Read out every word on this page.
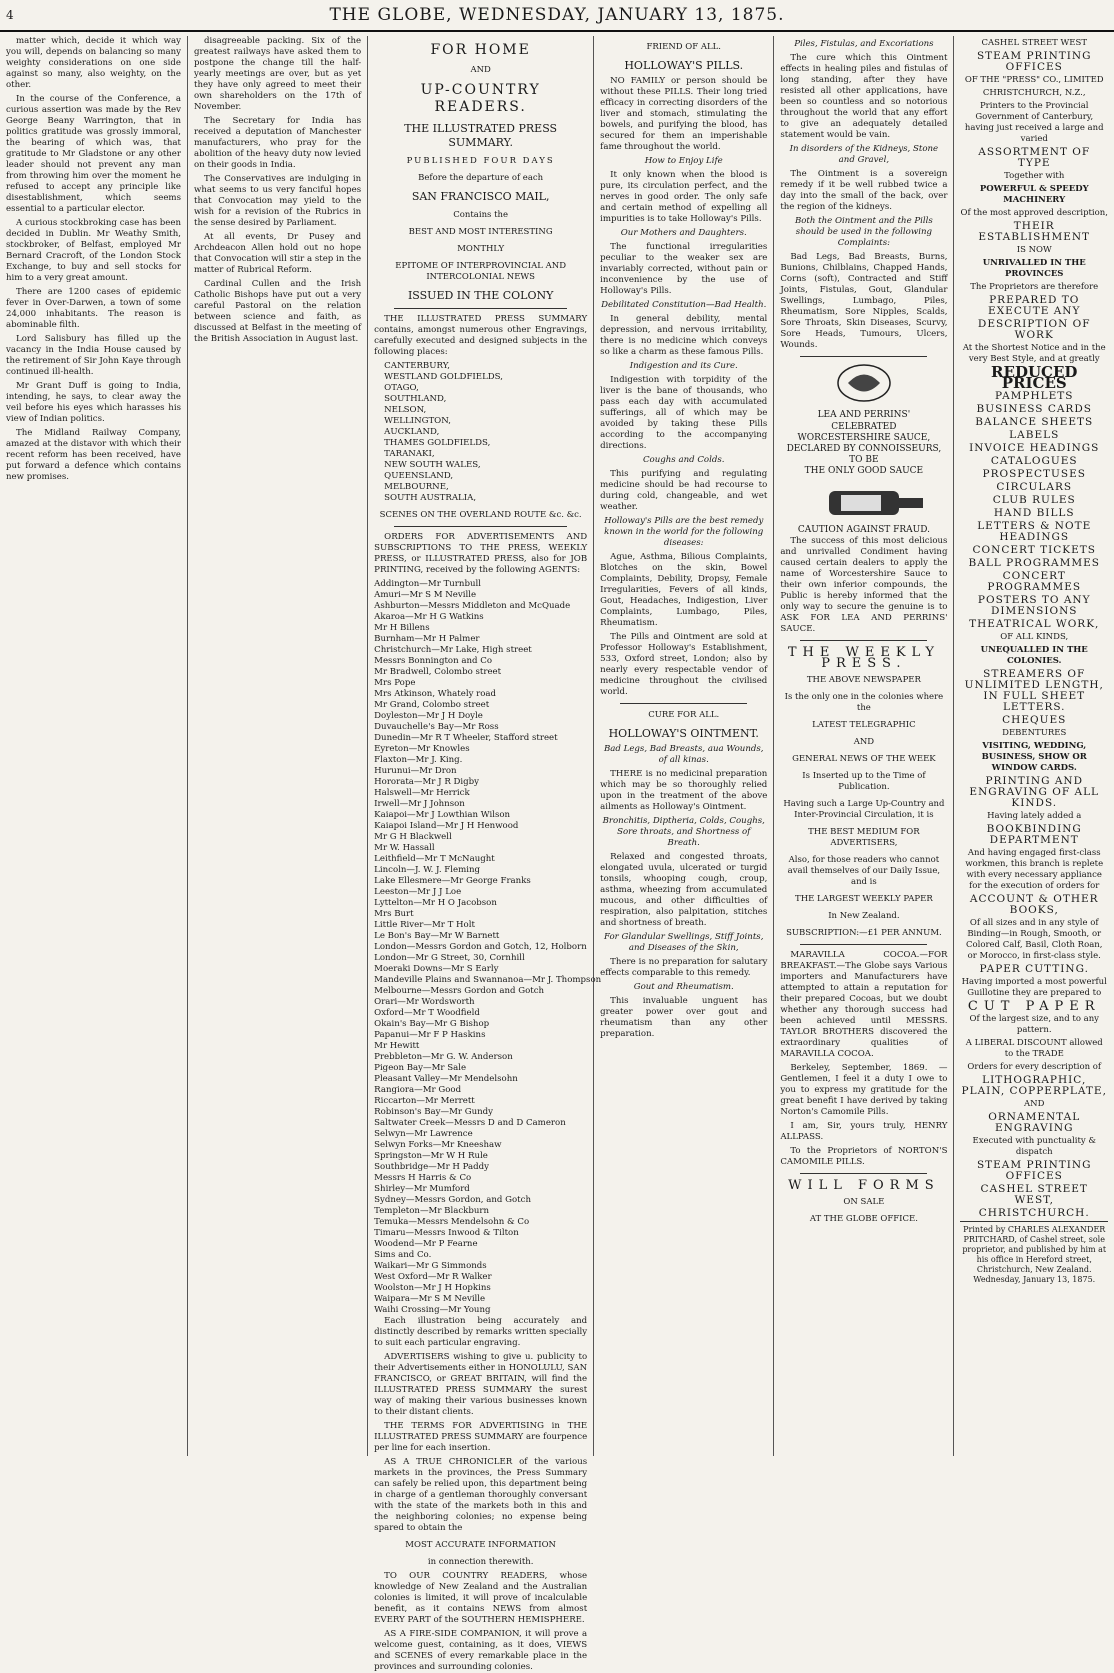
4	THE GLOBE, WEDNESDAY, JANUARY 13, 1875.

matter which, decide it which way you will, depends on balancing so many weighty considerations on one side against so many, also weighty, on the other.

In the course of the Conference, a curious assertion was made by the Rev George Beany Warrington, that in politics gratitude was grossly immoral, the bearing of which was, that gratitude to Mr Gladstone or any other leader should not prevent any man from throwing him over the moment he refused to accept any principle like disestablishment, which seems essential to a particular elector.

A curious stockbroking case has been decided in Dublin. Mr Weathy Smith, stockbroker, of Belfast, employed Mr Bernard Cracroft, of the London Stock Exchange, to buy and sell stocks for him to a very great amount.

There are 1200 cases of epidemic fever in Over-Darwen, a town of some 24,000 inhabitants. The reason is abominable filth.

Lord Salisbury has filled up the vacancy in the India House caused by the retirement of Sir John Kaye through continued ill-health.

Mr Grant Duff is going to India, intending, he says, to clear away the veil before his eyes which harasses his view of Indian politics.

The Midland Railway Company, amazed at the distavor with which their recent reform has been received, have put forward a defence which contains new promises.

disagreeable packing. Six of the greatest railways have asked them to postpone the change till the half-yearly meetings are over, but as yet they have only agreed to meet their own shareholders on the 17th of November.

The Secretary for India has received a deputation of Manchester manufacturers, who pray for the abolition of the heavy duty now levied on their goods in India.

The Conservatives are indulging in what seems to us very fanciful hopes that Convocation may yield to the wish for a revision of the Rubrics in the sense desired by Parliament.

At all events, Dr Pusey and Archdeacon Allen hold out no hope that Convocation will stir a step in the matter of Rubrical Reform.

Cardinal Cullen and the Irish Catholic Bishops have put out a very careful Pastoral on the relation between science and faith, as discussed at Belfast in the meeting of the British Association in August last.

FOR HOME
AND
UP-COUNTRY READERS.
THE ILLUSTRATED PRESS SUMMARY.
PUBLISHED FOUR DAYS
Before the departure of each
SAN FRANCISCO MAIL,
Contains the
BEST AND MOST INTERESTING
MONTHLY
EPITOME OF INTERPROVINCIAL AND INTERCOLONIAL NEWS
ISSUED IN THE COLONY

THE ILLUSTRATED PRESS SUMMARY contains, amongst numerous other Engravings, carefully executed and designed subjects in the following places:

CANTERBURY,
WESTLAND GOLDFIELDS,
OTAGO,
SOUTHLAND,
NELSON,
WELLINGTON,
AUCKLAND,
THAMES GOLDFIELDS,
TARANAKI,
NEW SOUTH WALES,
QUEENSLAND,
MELBOURNE,
SOUTH AUSTRALIA,
SCENES ON THE OVERLAND ROUTE &c. &c.

ORDERS FOR ADVERTISEMENTS AND SUBSCRIPTIONS TO THE PRESS, WEEKLY PRESS, or ILLUSTRATED PRESS, also for JOB PRINTING, received by the following AGENTS:

Addington—Mr Turnbull
Amuri—Mr S M Neville
Ashburton—Messrs Middleton and McQuade
Akaroa—Mr H G Watkins
Mr H Billens
Burnham—Mr H Palmer
Christchurch—Mr Lake, High street
Messrs Bonnington and Co
Mr Bradwell, Colombo street
Mrs Pope
Mrs Atkinson, Whately road
Mr Grand, Colombo street
Doyleston—Mr J H Doyle
Duvauchelle's Bay—Mr Ross
Dunedin—Mr R T Wheeler, Stafford street
Eyreton—Mr Knowles
Flaxton—Mr J. King.
Hurunui—Mr Dron
Hororata—Mr J R Digby
Halswell—Mr Herrick
Irwell—Mr J Johnson
Kaiapoi—Mr J Lowthian Wilson
Kaiapoi Island—Mr J H Henwood
Mr G H Blackwell
Mr W. Hassall
Leithfield—Mr T McNaught
Lincoln—J. W. J. Fleming
Lake Ellesmere—Mr George Franks
Leeston—Mr J J Loe
Lyttelton—Mr H O Jacobson
Mrs Burt
Little River—Mr T Holt
Le Bon's Bay—Mr W Barnett
London—Messrs Gordon and Gotch, 12, Holborn
London—Mr G Street, 30, Cornhill
Moeraki Downs—Mr S Early
Mandeville Plains and Swannanoa—Mr J. Thompson
Melbourne—Messrs Gordon and Gotch
Orari—Mr Wordsworth
Oxford—Mr T Woodfield
Okain's Bay—Mr G Bishop
Papanui—Mr F P Haskins
Mr Hewitt
Prebbleton—Mr G. W. Anderson
Pigeon Bay—Mr Sale
Pleasant Valley—Mr Mendelsohn
Rangiora—Mr Good
Riccarton—Mr Merrett
Robinson's Bay—Mr Gundy
Saltwater Creek—Messrs D and D Cameron
Selwyn—Mr Lawrence
Selwyn Forks—Mr Kneeshaw
Springston—Mr W H Rule
Southbridge—Mr H Paddy
Messrs H Harris & Co
Shirley—Mr Mumford
Sydney—Messrs Gordon, and Gotch
Templeton—Mr Blackburn
Temuka—Messrs Mendelsohn & Co
Timaru—Messrs Inwood & Tilton
Woodend—Mr P Fearne
Sims and Co.
Waikari—Mr G Simmonds
West Oxford—Mr R Walker
Woolston—Mr J H Hopkins
Waipara—Mr S M Neville
Waihi Crossing—Mr Young

Each illustration being accurately and distinctly described by remarks written specially to suit each particular engraving.

ADVERTISERS wishing to give u. publicity to their Advertisements either in HONOLULU, SAN FRANCISCO, or GREAT BRITAIN, will find the ILLUSTRATED PRESS SUMMARY the surest way of making their various businesses known to their distant clients.

THE TERMS FOR ADVERTISING in THE ILLUSTRATED PRESS SUMMARY are fourpence per line for each insertion.

AS A TRUE CHRONICLER of the various markets in the provinces, the Press Summary can safely be relied upon, this department being in charge of a gentleman thoroughly conversant with the state of the markets both in this and the neighboring colonies; no expense being spared to obtain the

MOST ACCURATE INFORMATION
in connection therewith.

TO OUR COUNTRY READERS, whose knowledge of New Zealand and the Australian colonies is limited, it will prove of incalculable benefit, as it contains NEWS from almost EVERY PART of the SOUTHERN HEMISPHERE.

AS A FIRE-SIDE COMPANION, it will prove a welcome guest, containing, as it does, VIEWS and SCENES of every remarkable place in the provinces and surrounding colonies.

FRIEND OF ALL.
HOLLOWAY'S PILLS.

NO FAMILY or person should be without these PILLS. Their long tried efficacy in correcting disorders of the liver and stomach, stimulating the bowels, and purifying the blood, has secured for them an imperishable fame throughout the world.

How to Enjoy Life

It only known when the blood is pure, its circulation perfect, and the nerves in good order. The only safe and certain method of expelling all impurities is to take Holloway's Pills.

Our Mothers and Daughters.

The functional irregularities peculiar to the weaker sex are invariably corrected, without pain or inconvenience by the use of Holloway's Pills.

Debilitated Constitution—Bad Health.

In general debility, mental depression, and nervous irritability, there is no medicine which conveys so like a charm as these famous Pills.

Indigestion and its Cure.

Indigestion with torpidity of the liver is the bane of thousands, who pass each day with accumulated sufferings, all of which may be avoided by taking these Pills according to the accompanying directions.

Coughs and Colds.

This purifying and regulating medicine should be had recourse to during cold, changeable, and wet weather.

Holloway's Pills are the best remedy known in the world for the following diseases:

Ague, Asthma, Bilious Complaints, Blotches on the skin, Bowel Complaints, Debility, Dropsy, Female Irregularities, Fevers of all kinds, Gout, Headaches, Indigestion, Liver Complaints, Lumbago, Piles, Rheumatism.

The Pills and Ointment are sold at Professor Holloway's Establishment, 533, Oxford street, London; also by nearly every respectable vendor of medicine throughout the civilised world.

CURE FOR ALL.
HOLLOWAY'S OINTMENT.
Bad Legs, Bad Breasts, aua Wounds, of all kinas.

THERE is no medicinal preparation which may be so thoroughly relied upon in the treatment of the above ailments as Holloway's Ointment.

Bronchitis, Diptheria, Colds, Coughs, Sore throats, and Shortness of Breath.

Relaxed and congested throats, elongated uvula, ulcerated or turgid tonsils, whooping cough, croup, asthma, wheezing from accumulated mucous, and other difficulties of respiration, also palpitation, stitches and shortness of breath.

For Glandular Swellings, Stiff Joints, and Diseases of the Skin,

There is no preparation for salutary effects comparable to this remedy.

Gout and Rheumatism.

This invaluable unguent has greater power over gout and rheumatism than any other preparation.

Piles, Fistulas, and Excoriations

The cure which this Ointment effects in healing piles and fistulas of long standing, after they have resisted all other applications, have been so countless and so notorious throughout the world that any effort to give an adequately detailed statement would be vain.

In disorders of the Kidneys, Stone and Gravel,

The Ointment is a sovereign remedy if it be well rubbed twice a day into the small of the back, over the region of the kidneys.

Both the Ointment and the Pills should be used in the following Complaints:

Bad Legs, Bad Breasts, Burns, Bunions, Chilblains, Chapped Hands, Corns (soft), Contracted and Stiff Joints, Fistulas, Gout, Glandular Swellings, Lumbago, Piles, Rheumatism, Sore Nipples, Scalds, Sore Throats, Skin Diseases, Scurvy, Sore Heads, Tumours, Ulcers, Wounds.

LEA AND PERRINS'
CELEBRATED
WORCESTERSHIRE SAUCE,
DECLARED BY CONNOISSEURS,
TO BE
THE ONLY GOOD SAUCE
CAUTION AGAINST FRAUD.

The success of this most delicious and unrivalled Condiment having caused certain dealers to apply the name of Worcestershire Sauce to their own inferior compounds, the Public is hereby informed that the only way to secure the genuine is to ASK FOR LEA AND PERRINS' SAUCE.

THE WEEKLY PRESS.
THE ABOVE NEWSPAPER
Is the only one in the colonies where the
LATEST TELEGRAPHIC
AND
GENERAL NEWS OF THE WEEK
Is Inserted up to the Time of Publication.
Having such a Large Up-Country and Inter-Provincial Circulation, it is
THE BEST MEDIUM FOR ADVERTISERS,
Also, for those readers who cannot avail themselves of our Daily Issue, and is
THE LARGEST WEEKLY PAPER
In New Zealand.
SUBSCRIPTION:—£1 PER ANNUM.

MARAVILLA COCOA.—FOR BREAKFAST.—The Globe says Various importers and Manufacturers have attempted to attain a reputation for their prepared Cocoas, but we doubt whether any thorough success had been achieved until MESSRS. TAYLOR BROTHERS discovered the extraordinary qualities of MARAVILLA COCOA.

Berkeley, September, 1869. — Gentlemen, I feel it a duty I owe to you to express my gratitude for the great benefit I have derived by taking Norton's Camomile Pills.

I am, Sir, yours truly, HENRY ALLPASS.

To the Proprietors of NORTON'S CAMOMILE PILLS.

WILL FORMS
ON SALE
AT THE GLOBE OFFICE.
CASHEL STREET WEST
STEAM PRINTING OFFICES
OF THE "PRESS" CO., LIMITED
CHRISTCHURCH, N.Z.,
Printers to the Provincial Government of Canterbury, having just received a large and varied
ASSORTMENT OF TYPE
Together with
POWERFUL & SPEEDY MACHINERY
Of the most approved description,
THEIR ESTABLISHMENT
IS NOW
UNRIVALLED IN THE PROVINCES
The Proprietors are therefore
PREPARED TO EXECUTE ANY
DESCRIPTION OF WORK
At the Shortest Notice and in the very Best Style, and at greatly
REDUCED PRICES
PAMPHLETS
BUSINESS CARDS
BALANCE SHEETS
LABELS
INVOICE HEADINGS
CATALOGUES
PROSPECTUSES
CIRCULARS
CLUB RULES
HAND BILLS
LETTERS & NOTE HEADINGS
CONCERT TICKETS
BALL PROGRAMMES
CONCERT PROGRAMMES
POSTERS TO ANY DIMENSIONS
THEATRICAL WORK,
OF ALL KINDS,
UNEQUALLED IN THE COLONIES.
STREAMERS OF UNLIMITED LENGTH, IN FULL SHEET LETTERS.
CHEQUES
DEBENTURES
VISITING, WEDDING, BUSINESS, SHOW OR WINDOW CARDS.
PRINTING AND ENGRAVING OF ALL KINDS.
Having lately added a
BOOKBINDING DEPARTMENT
And having engaged first-class workmen, this branch is replete with every necessary appliance for the execution of orders for
ACCOUNT & OTHER BOOKS,
Of all sizes and in any style of Binding—in Rough, Smooth, or Colored Calf, Basil, Cloth Roan, or Morocco, in first-class style.
PAPER CUTTING.
Having imported a most powerful Guillotine they are prepared to
CUT PAPER
Of the largest size, and to any pattern.
A LIBERAL DISCOUNT allowed to the TRADE
Orders for every description of
LITHOGRAPHIC, PLAIN, COPPERPLATE,
AND
ORNAMENTAL ENGRAVING
Executed with punctuality & dispatch
STEAM PRINTING OFFICES
CASHEL STREET WEST,
CHRISTCHURCH.
Printed by CHARLES ALEXANDER PRITCHARD, of Cashel street, sole proprietor, and published by him at his office in Hereford street, Christchurch, New Zealand. Wednesday, January 13, 1875.
